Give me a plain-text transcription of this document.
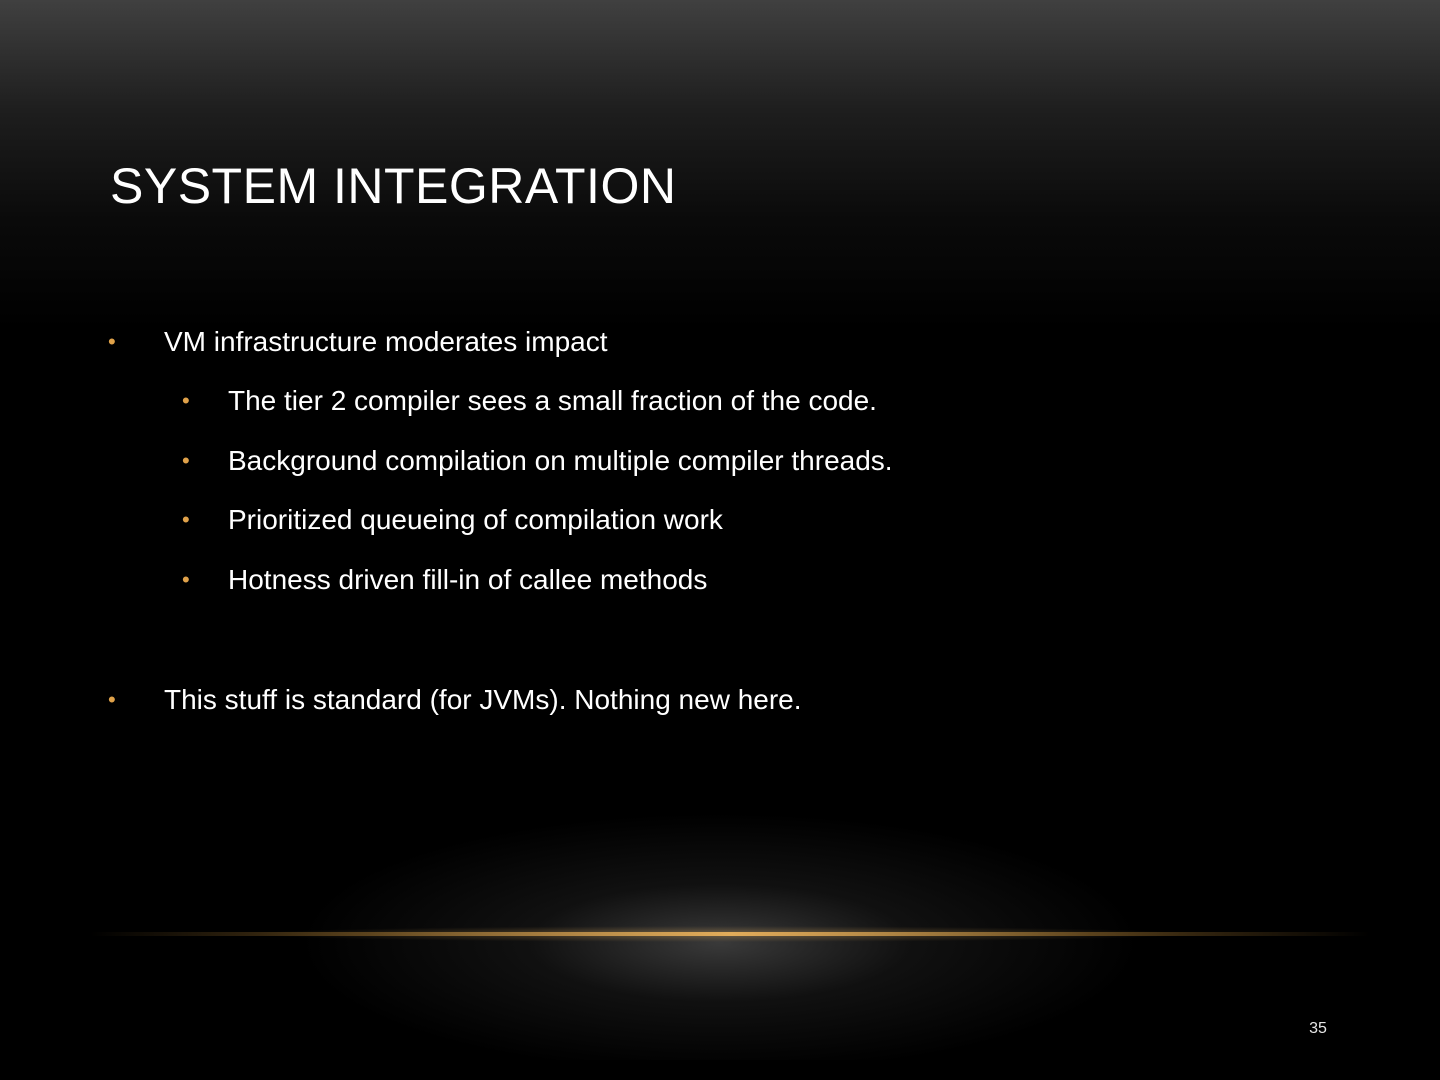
SYSTEM INTEGRATION
• VM infrastructure moderates impact
• The tier 2 compiler sees a small fraction of the code.
• Background compilation on multiple compiler threads.
• Prioritized queueing of compilation work
• Hotness driven fill-in of callee methods
• This stuff is standard (for JVMs). Nothing new here.
35
